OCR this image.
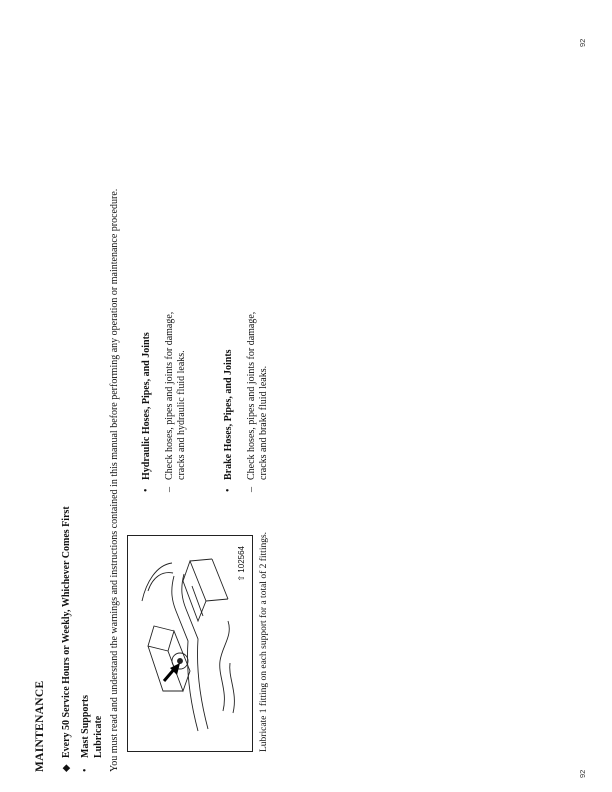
MAINTENANCE
92
92
◆
Every 50 Service Hours or Weekly, Whichever Comes First
•
Mast Supports Lubricate You must read and understand the warnings and instructions contained in this manual before performing any operation or maintenance procedure.	⇧ 102564 Lubricate 1 fitting on each support for a total of 2 fittings.
•
Hydraulic Hoses, Pipes, and Joints
–
Check hoses, pipes and joints for damage, cracks and hydraulic fluid leaks.
•
Brake Hoses, Pipes, and Joints
–
Check hoses, pipes and joints for damage, cracks and brake fluid leaks.
